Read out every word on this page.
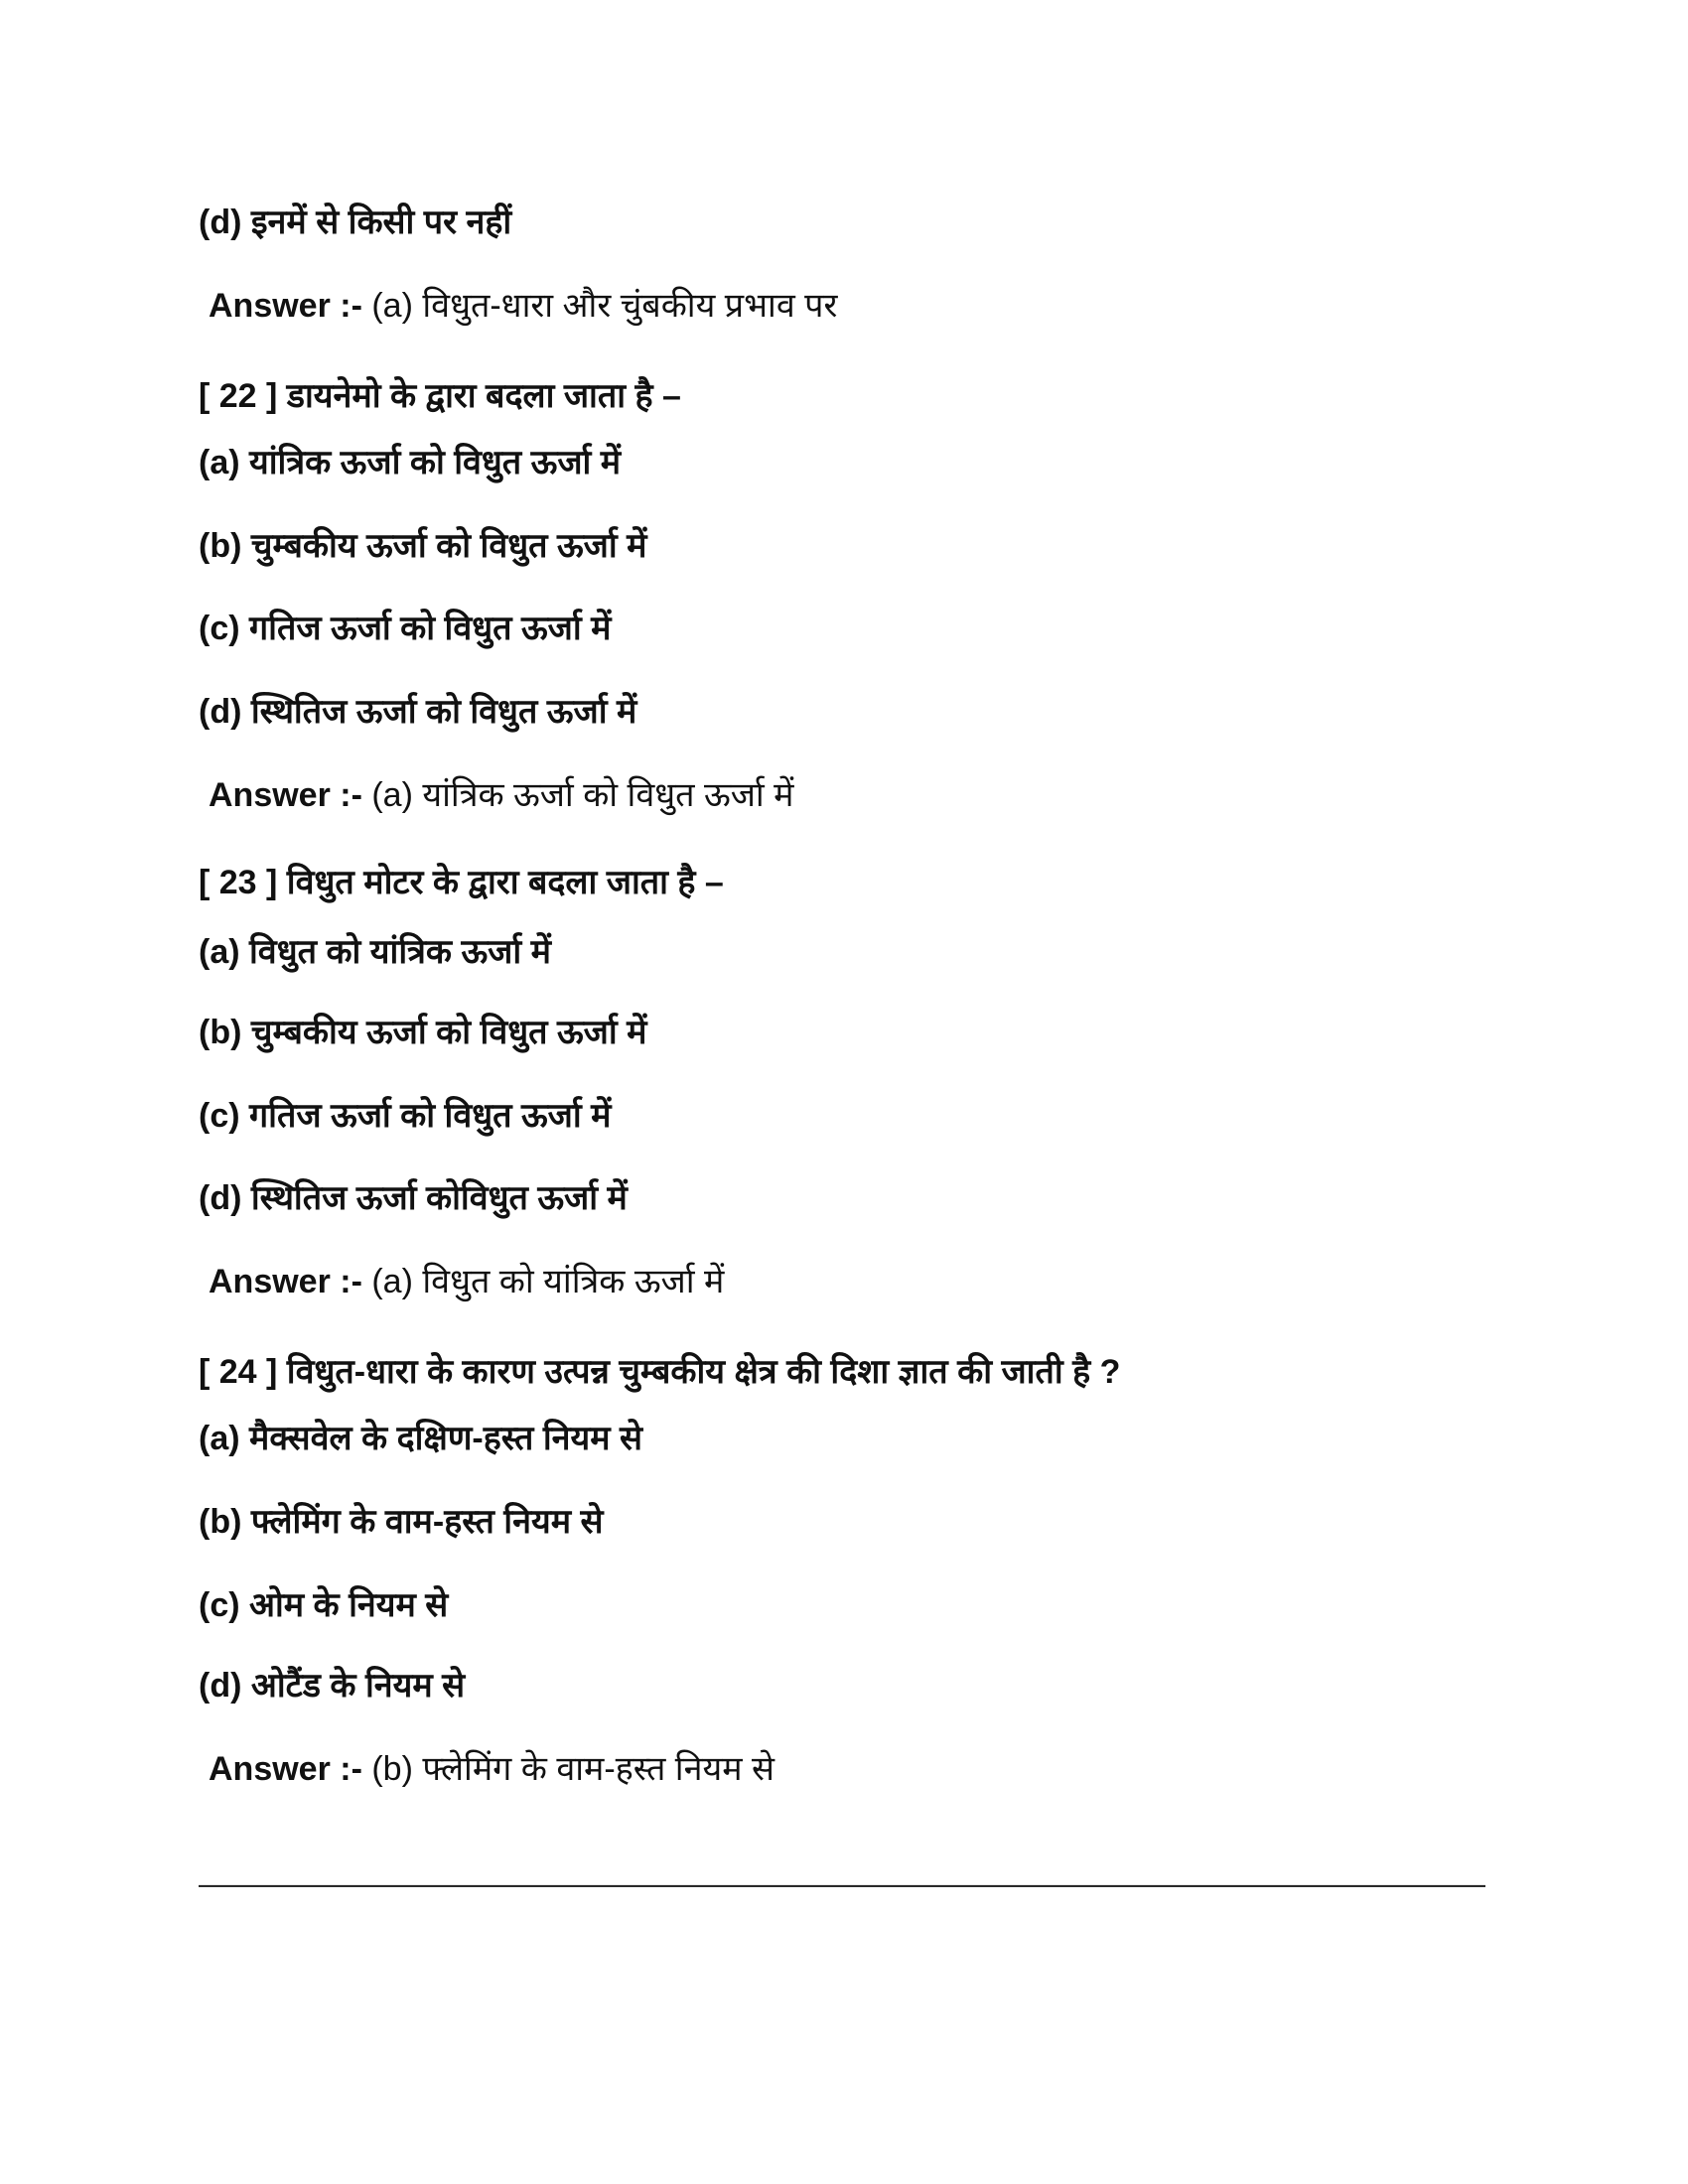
(d) इनमें से किसी पर नहीं
Answer :- (a) विधुत-धारा और चुंबकीय प्रभाव पर
[ 22 ] डायनेमो के द्वारा बदला जाता है –
(a) यांत्रिक ऊर्जा को विधुत ऊर्जा में
(b) चुम्बकीय ऊर्जा को विधुत ऊर्जा में
(c) गतिज ऊर्जा को विधुत ऊर्जा में
(d) स्थितिज ऊर्जा को विधुत ऊर्जा में
Answer :- (a) यांत्रिक ऊर्जा को विधुत ऊर्जा में
[ 23 ] विधुत मोटर के द्वारा बदला जाता है –
(a) विधुत को यांत्रिक ऊर्जा में
(b) चुम्बकीय ऊर्जा को विधुत ऊर्जा में
(c) गतिज ऊर्जा को विधुत ऊर्जा में
(d) स्थितिज ऊर्जा कोविधुत ऊर्जा में
Answer :- (a) विधुत को यांत्रिक ऊर्जा में
[ 24 ] विधुत-धारा के कारण उत्पन्न चुम्बकीय क्षेत्र की दिशा ज्ञात की जाती है ?
(a) मैक्सवेल के दक्षिण-हस्त नियम से
(b) फ्लेमिंग के वाम-हस्त नियम से
(c) ओम के नियम से
(d) ओटैंड के नियम से
Answer :- (b) फ्लेमिंग के वाम-हस्त नियम से
